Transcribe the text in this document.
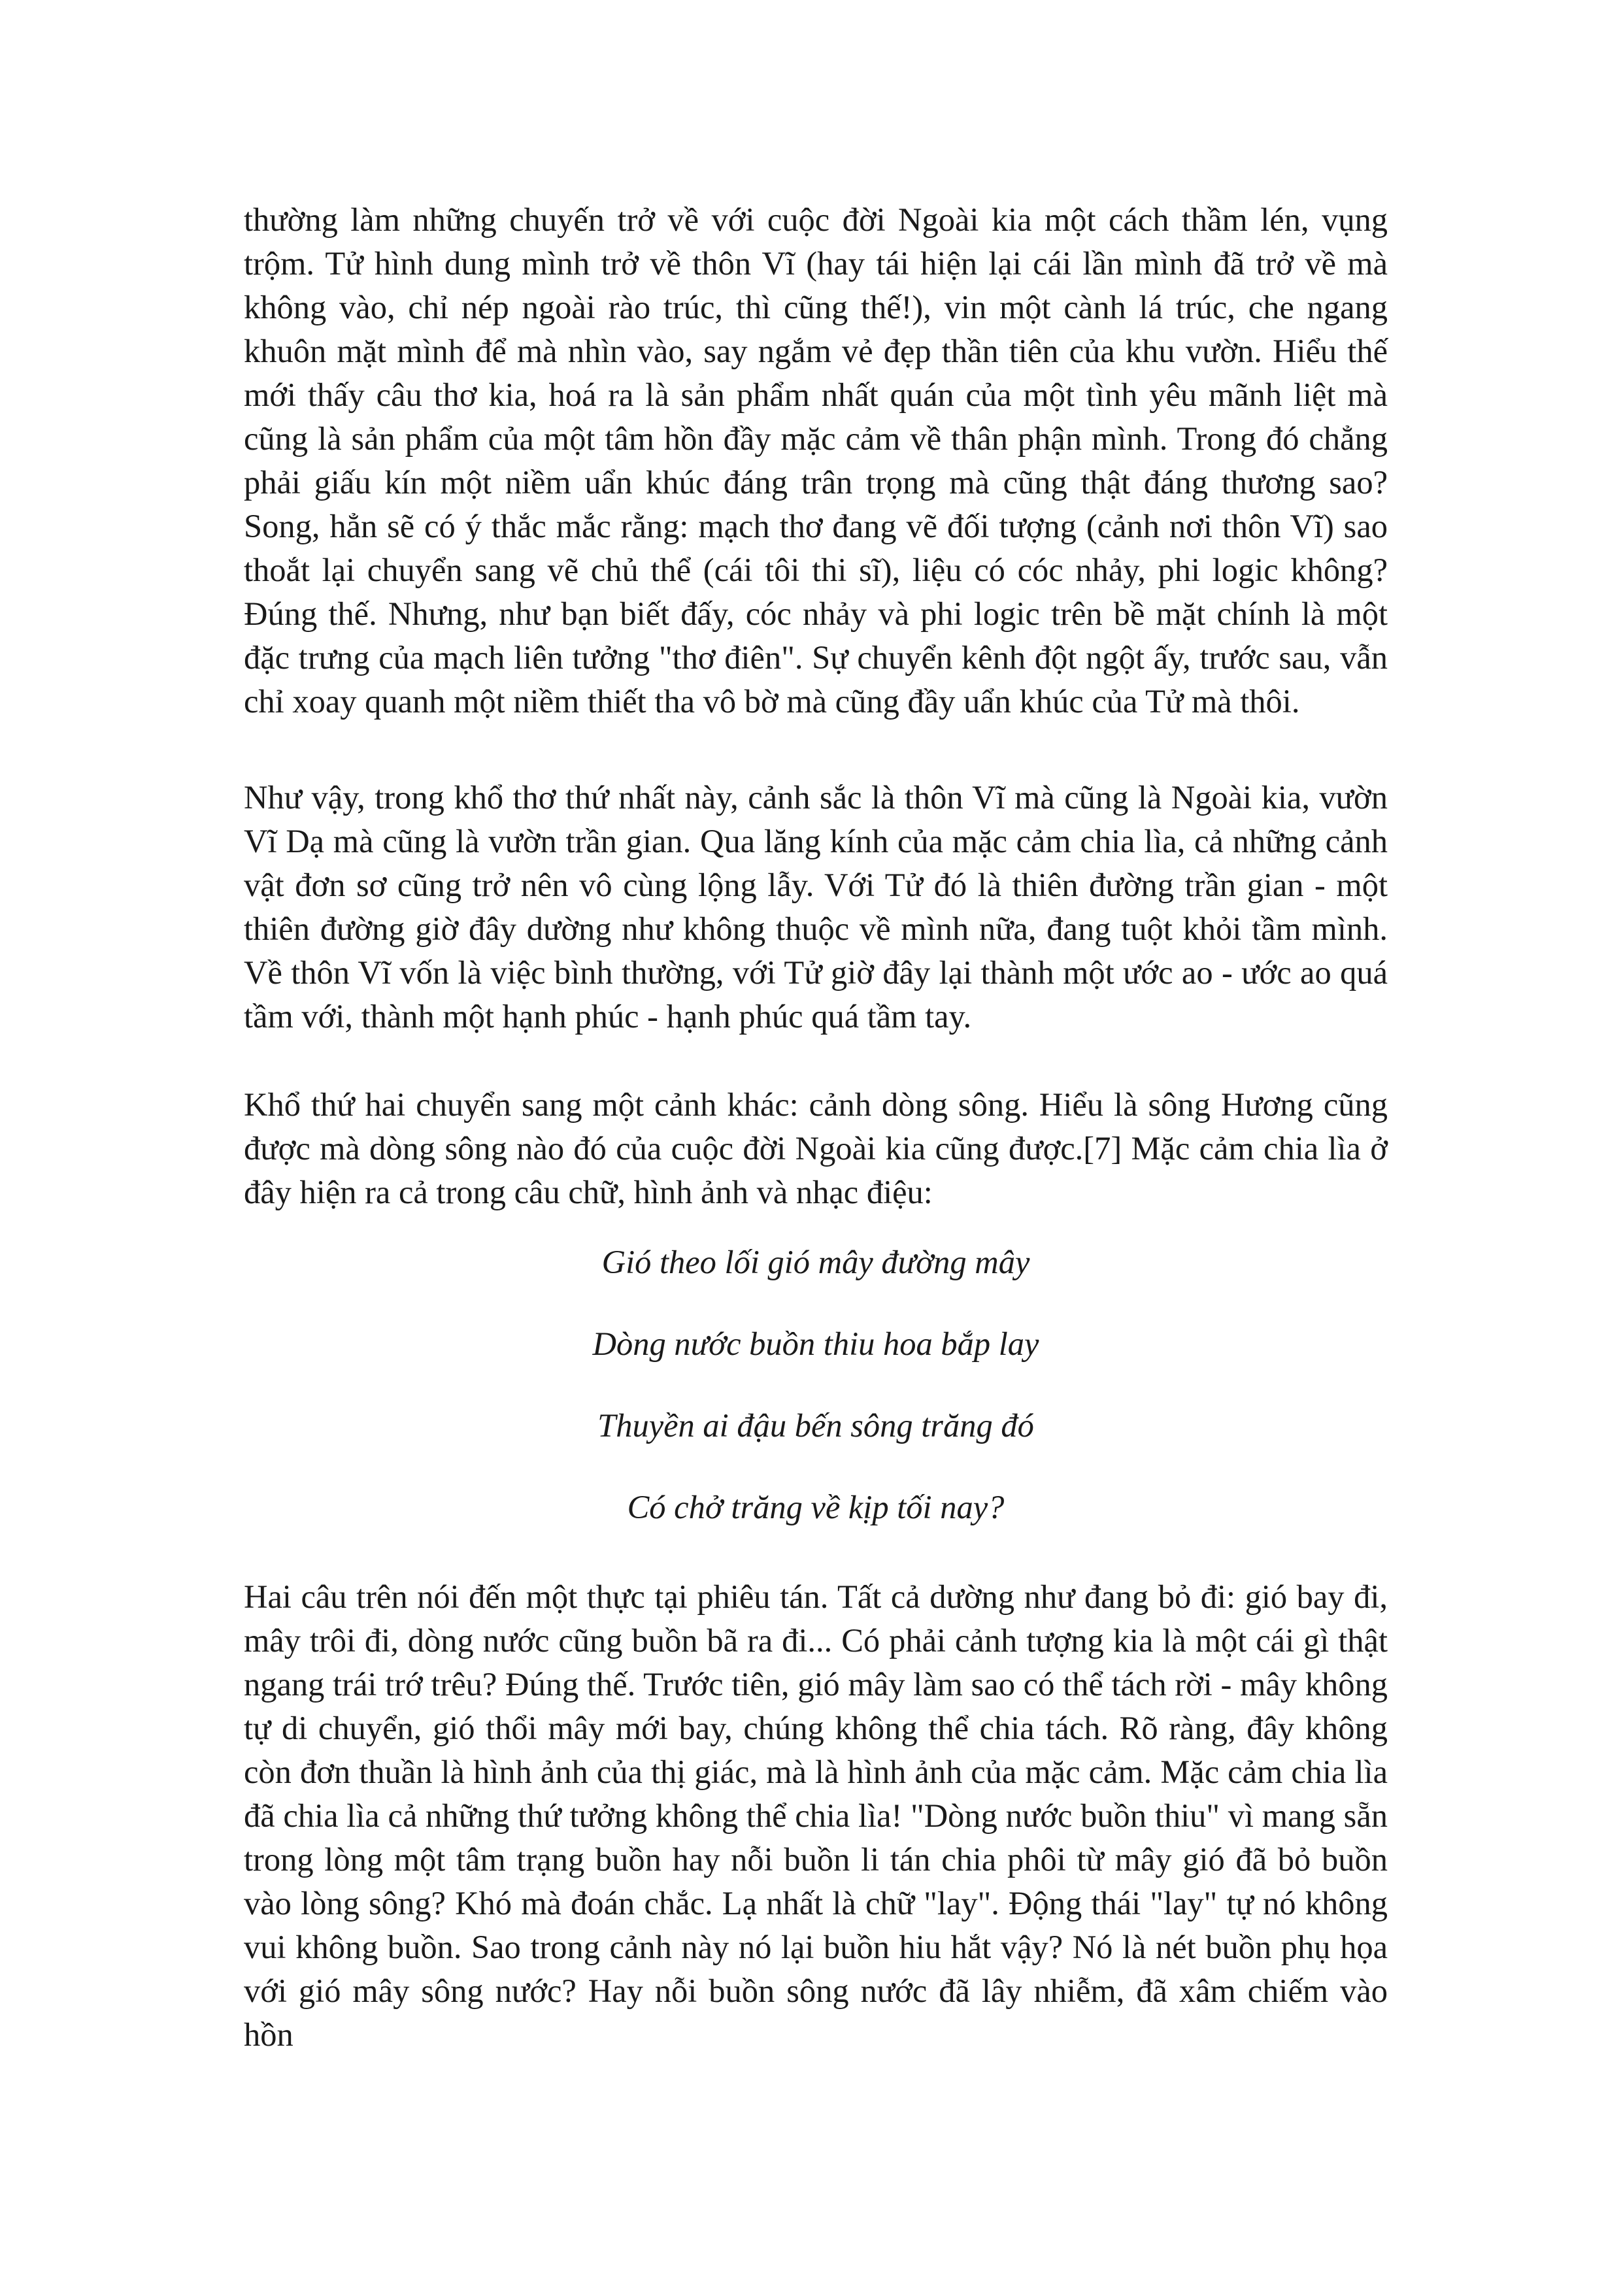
thường làm những chuyến trở về với cuộc đời Ngoài kia một cách thầm lén, vụng trộm. Tử hình dung mình trở về thôn Vĩ (hay tái hiện lại cái lần mình đã trở về mà không vào, chỉ nép ngoài rào trúc, thì cũng thế!), vin một cành lá trúc, che ngang khuôn mặt mình để mà nhìn vào, say ngắm vẻ đẹp thần tiên của khu vườn. Hiểu thế mới thấy câu thơ kia, hoá ra là sản phẩm nhất quán của một tình yêu mãnh liệt mà cũng là sản phẩm của một tâm hồn đầy mặc cảm về thân phận mình. Trong đó chẳng phải giấu kín một niềm uẩn khúc đáng trân trọng mà cũng thật đáng thương sao? Song, hẳn sẽ có ý thắc mắc rằng: mạch thơ đang vẽ đối tượng (cảnh nơi thôn Vĩ) sao thoắt lại chuyển sang vẽ chủ thể (cái tôi thi sĩ), liệu có cóc nhảy, phi logic không? Đúng thế. Nhưng, như bạn biết đấy, cóc nhảy và phi logic trên bề mặt chính là một đặc trưng của mạch liên tưởng "thơ điên". Sự chuyển kênh đột ngột ấy, trước sau, vẫn chỉ xoay quanh một niềm thiết tha vô bờ mà cũng đầy uẩn khúc của Tử mà thôi.

Như vậy, trong khổ thơ thứ nhất này, cảnh sắc là thôn Vĩ mà cũng là Ngoài kia, vườn Vĩ Dạ mà cũng là vườn trần gian. Qua lăng kính của mặc cảm chia lìa, cả những cảnh vật đơn sơ cũng trở nên vô cùng lộng lẫy. Với Tử đó là thiên đường trần gian - một thiên đường giờ đây dường như không thuộc về mình nữa, đang tuột khỏi tầm mình. Về thôn Vĩ vốn là việc bình thường, với Tử giờ đây lại thành một ước ao - ước ao quá tầm với, thành một hạnh phúc - hạnh phúc quá tầm tay.

Khổ thứ hai chuyển sang một cảnh khác: cảnh dòng sông. Hiểu là sông Hương cũng được mà dòng sông nào đó của cuộc đời Ngoài kia cũng được.[7] Mặc cảm chia lìa ở đây hiện ra cả trong câu chữ, hình ảnh và nhạc điệu:

Gió theo lối gió mây đường mây
Dòng nước buồn thiu hoa bắp lay
Thuyền ai đậu bến sông trăng đó
Có chở trăng về kịp tối nay?

Hai câu trên nói đến một thực tại phiêu tán. Tất cả dường như đang bỏ đi: gió bay đi, mây trôi đi, dòng nước cũng buồn bã ra đi... Có phải cảnh tượng kia là một cái gì thật ngang trái trớ trêu? Đúng thế. Trước tiên, gió mây làm sao có thể tách rời - mây không tự di chuyển, gió thổi mây mới bay, chúng không thể chia tách. Rõ ràng, đây không còn đơn thuần là hình ảnh của thị giác, mà là hình ảnh của mặc cảm. Mặc cảm chia lìa đã chia lìa cả những thứ tưởng không thể chia lìa! "Dòng nước buồn thiu" vì mang sẵn trong lòng một tâm trạng buồn hay nỗi buồn li tán chia phôi từ mây gió đã bỏ buồn vào lòng sông? Khó mà đoán chắc. Lạ nhất là chữ "lay". Động thái "lay" tự nó không vui không buồn. Sao trong cảnh này nó lại buồn hiu hắt vậy? Nó là nét buồn phụ họa với gió mây sông nước? Hay nỗi buồn sông nước đã lây nhiễm, đã xâm chiếm vào hồn
